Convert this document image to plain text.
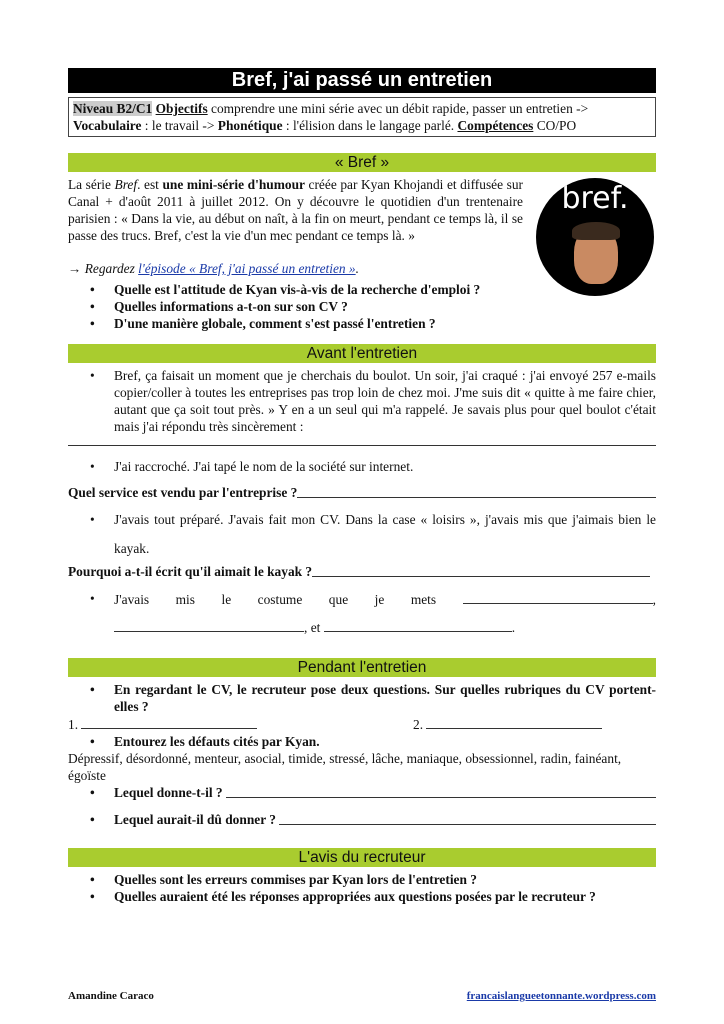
Bref, j'ai passé un entretien
Niveau B2/C1 Objectifs comprendre une mini série avec un débit rapide, passer un entretien ->
Vocabulaire : le travail -> Phonétique : l'élision dans le langage parlé. Compétences CO/PO
« Bref »
La série Bref. est une mini-série d'humour créée par Kyan Khojandi et diffusée sur Canal + d'août 2011 à juillet 2012. On y découvre le quotidien d'un trentenaire parisien : « Dans la vie, au début on naît, à la fin on meurt, pendant ce temps là, il se passe des trucs. Bref, c'est la vie d'un mec pendant ce temps là. »
bref.
→ Regardez l'épisode « Bref, j'ai passé un entretien ».
• Quelle est l'attitude de Kyan vis-à-vis de la recherche d'emploi ?
• Quelles informations a-t-on sur son CV ?
• D'une manière globale, comment s'est passé l'entretien ?
Avant l'entretien
• Bref, ça faisait un moment que je cherchais du boulot. Un soir, j'ai craqué : j'ai envoyé 257 e-mails copier/coller à toutes les entreprises pas trop loin de chez moi. J'me suis dit « quitte à me faire chier, autant que ça soit tout près. » Y en a un seul qui m'a rappelé. Je savais plus pour quel boulot c'était mais j'ai répondu très sincèrement :
• J'ai raccroché. J'ai tapé le nom de la société sur internet.
Quel service est vendu par l'entreprise ?
• J'avais tout préparé. J'avais fait mon CV. Dans la case « loisirs », j'avais mis que j'aimais bien le kayak.
Pourquoi a-t-il écrit qu'il aimait le kayak ?
• J'avais mis le costume que je mets	,
, et	.
Pendant l'entretien
• En regardant le CV, le recruteur pose deux questions. Sur quelles rubriques du CV portent-elles ?
1.	2.
• Entourez les défauts cités par Kyan.
Dépressif, désordonné, menteur, asocial, timide, stressé, lâche, maniaque, obsessionnel, radin, fainéant, égoïste
• Lequel donne-t-il ?

• Lequel aurait-il dû donner ?

L'avis du recruteur
• Quelles sont les erreurs commises par Kyan lors de l'entretien ?
• Quelles auraient été les réponses appropriées aux questions posées par le recruteur ?
Amandine Caraco	francaislangueetonnante.wordpress.com
